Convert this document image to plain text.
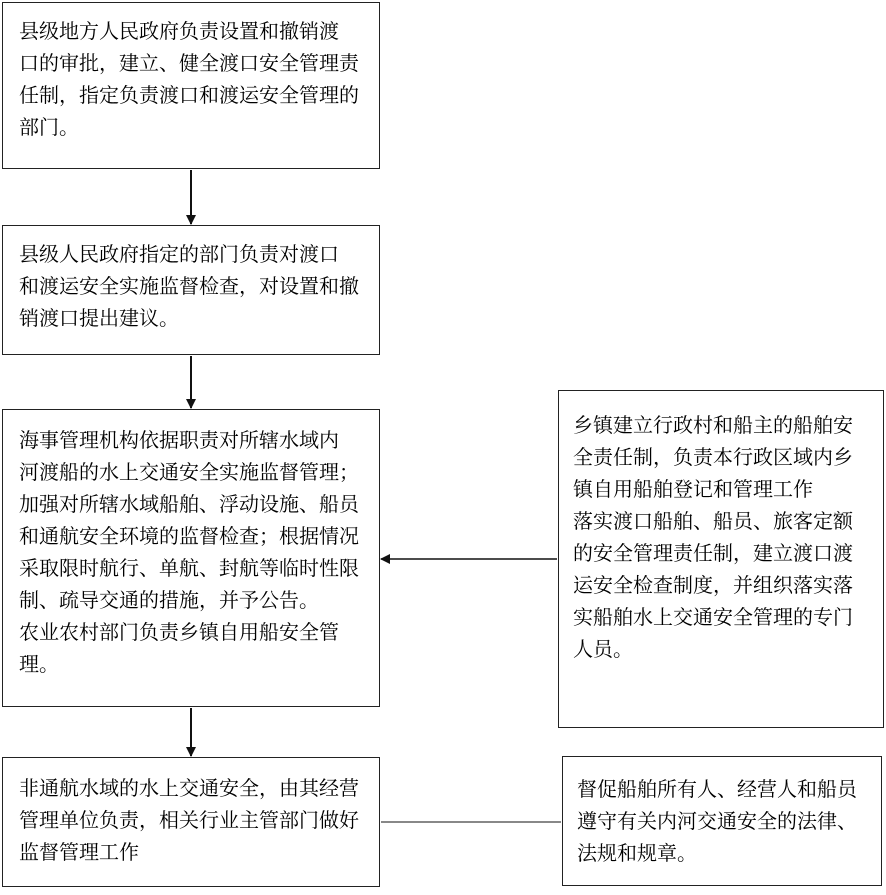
县级地方人民政府负责设置和撤销渡
口的审批，建立、健全渡口安全管理责
任制，指定负责渡口和渡运安全管理的
部门。

县级人民政府指定的部门负责对渡口
和渡运安全实施监督检查，对设置和撤
销渡口提出建议。

海事管理机构依据职责对所辖水域内
河渡船的水上交通安全实施监督管理；
加强对所辖水域船舶、浮动设施、船员
和通航安全环境的监督检查；根据情况
采取限时航行、单航、封航等临时性限
制、疏导交通的措施，并予公告。
农业农村部门负责乡镇自用船安全管
理。

非通航水域的水上交通安全，由其经营
管理单位负责，相关行业主管部门做好
监督管理工作

乡镇建立行政村和船主的船舶安
全责任制，负责本行政区域内乡
镇自用船舶登记和管理工作
落实渡口船舶、船员、旅客定额
的安全管理责任制，建立渡口渡
运安全检查制度，并组织落实落
实船舶水上交通安全管理的专门
人员。

督促船舶所有人、经营人和船员
遵守有关内河交通安全的法律、
法规和规章。
